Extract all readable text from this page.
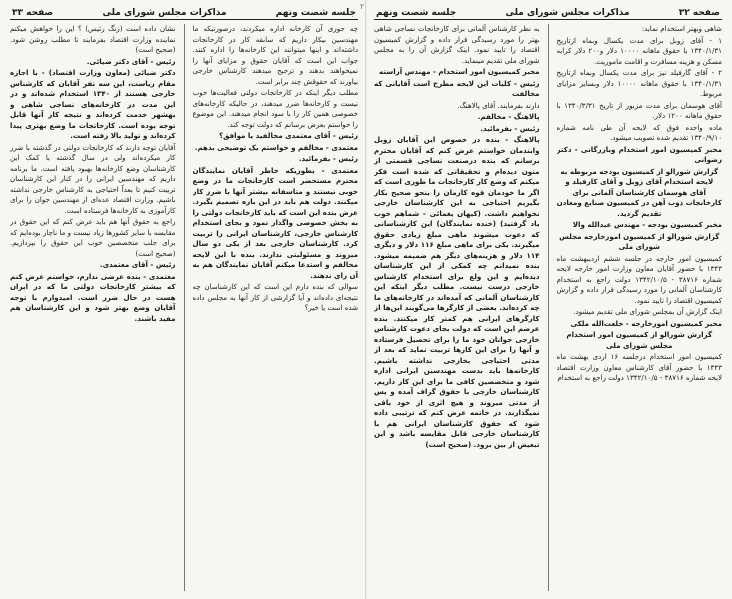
۲
جلسه شصت ونهم
مذاکرات مجلس شورای ملی
صفحه ۳۳

چه جوری آن کارخانه اداره میکردند، درصورتیکه ما مهندسین بیکار داریم که سابقه کار در کارخانجات داشته‌اند و اینها میتوانند این کارخانه‌ها را اداره کنند. جواب این است که آقایان حقوق و مزایای آنها را نمیخواهند بدهند و ترجیح میدهند کارشناس خارجی بیاورند که حقوقش چند برابر است.

مطلب دیگر اینکه در کارخانجات دولتی فعالیت‌ها خوب نیست و کارخانه‌ها ضرر میدهند، در حالیکه کارخانه‌های خصوصی همین کار را با سود انجام میدهند. این موضوع را خواستم بعرض برسانم که دولت توجه کند.

رئیس - آقای معتمدی مخالفید یا موافق؟

معتمدی - مخالفم و خواستم یک توضیحی بدهم.

رئیس - بفرمائید.

معتمدی - بطوریکه خاطر آقایان نمایندگان محترم مستحضر است کارخانجات ما در وضع خوبی نیستند و متاسفانه بیشتر آنها با ضرر کار میکنند. دولت هم باید در این باره تصمیم بگیرد. عرض بنده این است که باید کارخانجات دولتی را به بخش خصوصی واگذار نمود و بجای استخدام کارشناس خارجی، کارشناسان ایرانی را تربیت کرد. کارشناسان خارجی بعد از یکی دو سال میروند و مسئولیتی ندارند. بنده با این لایحه مخالفم و استدعا میکنم آقایان نمایندگان هم به آن رای ندهند.

سوالی که بنده دارم این است که این کارشناسان چه نتیجه‌ای داده‌اند و آیا گزارشی از کار آنها به مجلس داده شده است یا خیر؟

نشان داده است (زنگ رئیس) ؟ این را خواهش میکنم نماینده وزارت اقتصاد بفرمایند تا مطلب روشن شود. (صحیح است)

رئیس - آقای دکتر ضیائی.

دکتر ضیائی (معاون وزارت اقتصاد) - با اجازه مقام ریاست، این سه نفر آقایان که کارشناس خارجی هستند از ۱۳۴۰ استخدام شده‌اند و در این مدت در کارخانه‌های نساجی شاهی و بهشهر خدمت کرده‌اند و نتیجه کار آنها قابل توجه بوده است. کارخانجات ما وضع بهتری پیدا کرده‌اند و تولید بالا رفته است.

آقایان توجه دارند که کارخانجات دولتی در گذشته با ضرر کار میکرده‌اند ولی در سال گذشته با کمک این کارشناسان وضع کارخانه‌ها بهبود یافته است. ما برنامه داریم که مهندسین ایرانی را در کنار این کارشناسان تربیت کنیم تا بعداً احتیاجی به کارشناس خارجی نداشته باشیم. وزارت اقتصاد عده‌ای از مهندسین جوان را برای کارآموزی به کارخانه‌ها فرستاده است.

راجع به حقوق آنها هم باید عرض کنم که این حقوق در مقایسه با سایر کشورها زیاد نیست و ما ناچار بوده‌ایم که برای جلب متخصصین خوب این حقوق را بپردازیم. (صحیح است)

رئیس - آقای معتمدی.

معتمدی - بنده عرضی ندارم، خواستم عرض کنم که بیشتر کارخانجات دولتی ما که در ایران هست در حال ضرر است. امیدوارم با توجه آقایان وضع بهتر شود و این کارشناسان هم مفید باشند.

صفحه ۳۲
مذاکرات مجلس شورای ملی
جلسه شصت ونهم

شاهی وبهتر استخدام نماید:

۱ - آقای زوبل برای مدت یکسال وبماه ازتاریخ ۱۳۴۰/۱/۳۱ با حقوق ماهانه ۱۰۰۰۰ دلار و۲۰۰ دلار کرایه مسکن و هزینه مسافرت و اقامت ماموریت.

۲ - آقای گارفیلد نیز برای مدت یکسال وبماه ازتاریخ ۱۳۴۰/۱/۳۱ با حقوق ماهانه ۱۰۰۰۰ دلار وبسایر مزایای مربوط.

آقای هوسمان برای مدت مزبور از تاریخ ۱۳۴۰/۳/۳۱ با حقوق ماهانه ۱۲۰۰ دلار.

ماده واحده فوق که لایحه آن طی نامه شماره ۱۳۴۰/۹/۱۰ تقدیم شده تصویب میشود.

مخبر کمیسیون امور استخدام وبازرگانی - دکتر رضوانی

گزارش شورالو از کمیسیون بودجه مربوطه به لایحه استخدام آقای زوبل و آقای کارفیلد و آقای هوسمان کارشناسان آلمانی برای کارخانجات ذوب آهن در کمیسیون صنایع ومعادن تقدیم گردید.

مخبر کمیسیون بودجه - مهندس عبدالله والا

گزارش شورالو از کمیسیون امورخارجه مجلس شورای ملی

کمیسیون امور خارجه در جلسه ششم اردیبهشت ماه ۱۳۴۳ با حضور آقایان معاون وزارت امور خارجه لایحه شماره ۳۸۷۱۶ - ۱۳۴۲/۱۰/۵ دولت راجع به استخدام کارشناسان آلمانی را مورد رسیدگی قرار داده و گزارش کمیسیون اقتصاد را تایید نمود.

اینک گزارش آن بمجلس شورای ملی تقدیم میشود.

مخبر کمیسیون امورخارجه - خلعت‌الله ملکی

گزارش شورالو از کمیسیون امور استخدام مجلس شورای ملی

کمیسیون امور استخدام درجلسه ۱۶ اردی بهشت ماه ۱۳۴۳ با حضور آقای کارشناس معاون وزارت اقتصاد لایحه شماره ۳۸۷۱۶ - ۱۳۴۲/۱۰/۵ دولت راجع به استخدام

به نظر کارشناس آلمانی برای کارخانجات نساجی شاهی بهتر را مورد رسیدگی قرار داده و گزارش کمیسیون اقتصاد را تایید نمود. اینک گزارش آن را به مجلس شورای ملی تقدیم مینماید.

مخبر کمیسیون امور استخدام - مهندس آراسته

رئیس - کلیات این لایحه مطرح است آقایانی که مخالفت

دارند بفرمایند. آقای پالاهنگ.

پالاهنگ - مخالفم.

رئیس - بفرمائید.

پالاهنگ - بنده در خصوص این آقایان زوبل وابندمان خواستم عرض کنم که آقایان محترم برسانم که بنده درصنعت نساجی قسمتی از متون دیده‌ام و تحقیقاتی که شده است فکر میکنم که وضع کار کارخانجات ما طوری است که اگر ما خودمان قوه کارمان را بنحو صحیح بکار بگیریم احتیاجی به این کارشناسان خارجی نخواهیم داشت. (کیهان یغمائی - شماهم خوب یاد گرفتید) (خنده نمایندگان) این کارشناسانی که دعوت میشوند ماهی مبلغ زیادی حقوق میگیرند. یکی برای ماهی مبلغ ۱۱۶ دلار و دیگری ۱۱۴ دلار و هزینه‌های دیگر هم ضمیمه میشود. بنده نمیدانم چه کمکی از این کارشناسان دیده‌ایم و این ولع برای استخدام کارشناس خارجی درست نیست. مطلب دیگر اینکه این کارشناسان آلمانی که آمده‌اند در کارخانه‌های ما چه کرده‌اند. بعضی از کارگرها می‌گویند این‌ها از کارگرهای ایرانی هم کمتر کار میکنند. بنده عرضم این است که دولت بجای دعوت کارشناس خارجی جوانان خود ما را برای تحصیل فرستاده و آنها را برای این کارها تربیت نماید که بعد از مدتی احتیاجی بخارجی نداشته باشیم. کارخانه‌ها باید بدست مهندسین ایرانی اداره شود و متخصصین کافی ما برای این کار داریم. کارشناسان خارجی با حقوق گزاف آمده و پس از مدتی میروند و هیچ اثری از خود باقی نمیگذارند. در خاتمه عرض کنم که ترتیبی داده شود که حقوق کارشناسان ایرانی هم با کارشناسان خارجی قابل مقایسه باشد و این تبعیض از بین برود. (صحیح است)
